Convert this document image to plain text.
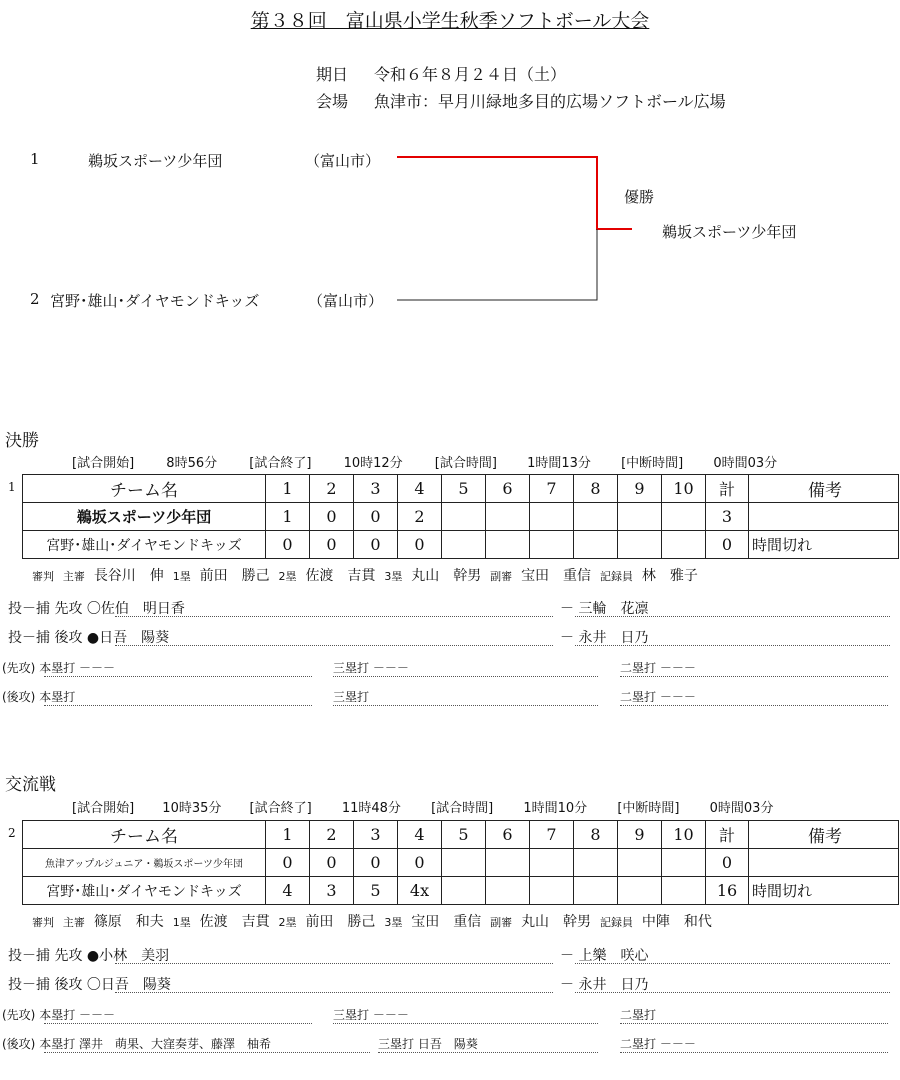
第３８回　富山県小学生秋季ソフトボール大会
期日 令和６年８月２４日（土）
会場 魚津市：早月川緑地多目的広場ソフトボール広場
1	鵜坂スポーツ少年団	（富山市）
2 宮野･雄山･ダイヤモンドキッズ	（富山市）
優勝
鵜坂スポーツ少年団
決勝
[試合開始] 8時56分 [試合終了] 10時12分 [試合時間] 1時間13分 [中断時間] 0時間03分
1	チーム名	1	2	3	4	5	6	7	8	9	10	計	備考
鵜坂スポーツ少年団	1	0	0	2							3	
宮野･雄山･ダイヤモンドキッズ	0	0	0	0							0	時間切れ
審判 主審 長谷川　伸 1塁 前田　勝己 2塁 佐渡　吉貫 3塁 丸山　幹男 副審 宝田　重信 記録員 林　雅子
投－捕 先攻 〇佐伯　明日香	－ 三輪　花凛
投－捕 後攻 ●日吾　陽葵	－ 永井　日乃
(先攻) 本塁打 －－－	三塁打 －－－	二塁打 －－－
(後攻) 本塁打	三塁打	二塁打 －－－
交流戦
[試合開始] 10時35分 [試合終了] 11時48分 [試合時間] 1時間10分 [中断時間] 0時間03分
2	チーム名	1	2	3	4	5	6	7	8	9	10	計	備考
魚津アップルジュニア・鵜坂スポーツ少年団	0	0	0	0							0	
宮野･雄山･ダイヤモンドキッズ	4	3	5	4x							16	時間切れ
審判 主審 篠原　和夫 1塁 佐渡　吉貫 2塁 前田　勝己 3塁 宝田　重信 副審 丸山　幹男 記録員 中陣　和代
投－捕 先攻 ●小林　美羽	－ 上樂　咲心
投－捕 後攻 〇日吾　陽葵	－ 永井　日乃
(先攻) 本塁打 －－－	三塁打 －－－	二塁打
(後攻) 本塁打 澤井　萌果、大窪奏芽、藤澤　柚希	三塁打 日吾　陽葵	二塁打 －－－
